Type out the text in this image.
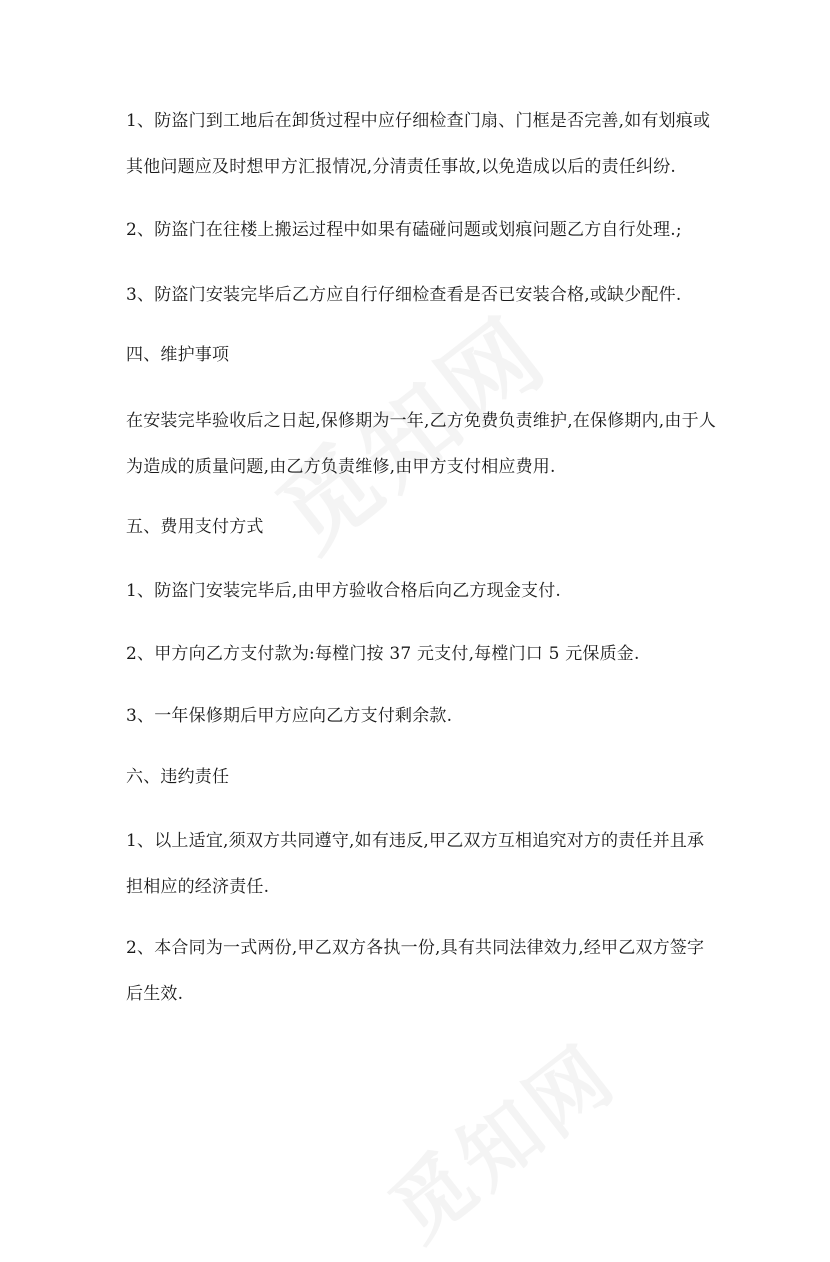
1、防盗门到工地后在卸货过程中应仔细检查门扇、门框是否完善,如有划痕或其他问题应及时想甲方汇报情况,分清责任事故,以免造成以后的责任纠纷.

2、防盗门在往楼上搬运过程中如果有磕碰问题或划痕问题乙方自行处理.;

3、防盗门安装完毕后乙方应自行仔细检查看是否已安装合格,或缺少配件.

四、维护事项

在安装完毕验收后之日起,保修期为一年,乙方免费负责维护,在保修期内,由于人为造成的质量问题,由乙方负责维修,由甲方支付相应费用.

五、费用支付方式

1、防盗门安装完毕后,由甲方验收合格后向乙方现金支付.

2、甲方向乙方支付款为:每樘门按 37 元支付,每樘门口 5 元保质金.

3、一年保修期后甲方应向乙方支付剩余款.

六、违约责任

1、以上适宜,须双方共同遵守,如有违反,甲乙双方互相追究对方的责任并且承担相应的经济责任.

2、本合同为一式两份,甲乙双方各执一份,具有共同法律效力,经甲乙双方签字后生效.
